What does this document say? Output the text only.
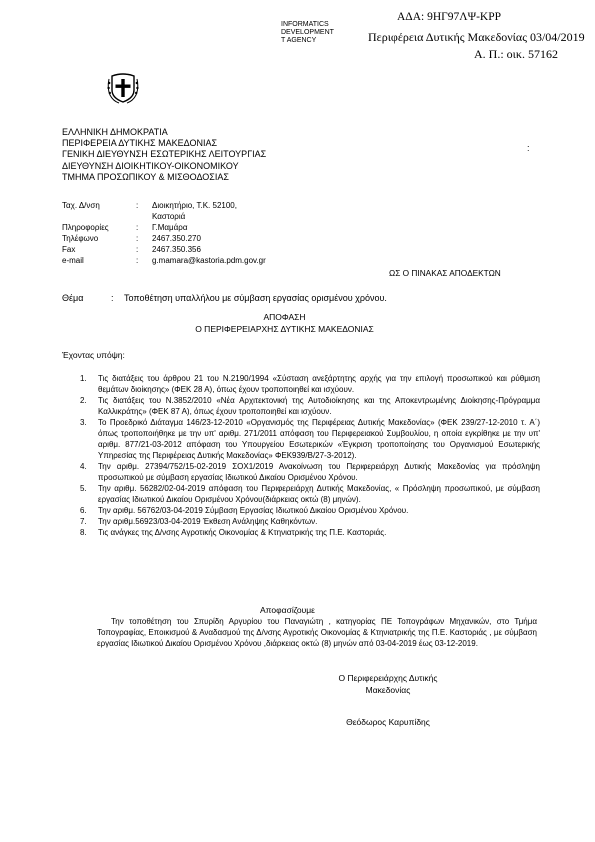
INFORMATICS
DEVELOPMENT
T AGENCY
ΑΔΑ: 9ΗΓ97ΛΨ-ΚΡΡ
Περιφέρεια Δυτικής Μακεδονίας 03/04/2019
Α. Π.: οικ. 57162
ΕΛΛΗΝΙΚΗ ΔΗΜΟΚΡΑΤΙΑ
ΠΕΡΙΦΕΡΕΙΑ ΔΥΤΙΚΗΣ ΜΑΚΕΔΟΝΙΑΣ
ΓΕΝΙΚΗ ΔΙΕΥΘΥΝΣΗ ΕΣΩΤΕΡΙΚΗΣ ΛΕΙΤΟΥΡΓΙΑΣ
ΔΙΕΥΘΥΝΣΗ ΔΙΟΙΚΗΤΙΚΟΥ-ΟΙΚΟΝΟΜΙΚΟΥ
ΤΜΗΜΑ ΠΡΟΣΩΠΙΚΟΥ & ΜΙΣΘΟΔΟΣΙΑΣ
:
Ταχ. Δ/νση	: Διοικητήριο, Τ.Κ. 52100,
Καστοριά
Πληροφορίες	: Γ.Μαμάρα
Τηλέφωνο	: 2467.350.270
Fax	: 2467.350.356
e-mail	: g.mamara@kastoria.pdm.gov.gr
ΩΣ Ο ΠΙΝΑΚΑΣ ΑΠΟΔΕΚΤΩΝ
Θέμα	: Τοποθέτηση υπαλλήλου με σύμβαση εργασίας ορισμένου χρόνου.
ΑΠΟΦΑΣΗ
Ο ΠΕΡΙΦΕΡΕΙΑΡΧΗΣ ΔΥΤΙΚΗΣ ΜΑΚΕΔΟΝΙΑΣ
Έχοντας υπόψη:
1. Τις διατάξεις του άρθρου 21 του Ν.2190/1994 «Σύσταση ανεξάρτητης αρχής για την επιλογή προσωπικού και ρύθμιση θεμάτων διοίκησης» (ΦΕΚ 28 Α), όπως έχουν τροποποιηθεί και ισχύουν.
2. Τις διατάξεις του Ν.3852/2010 «Νέα Αρχιτεκτονική της Αυτοδιοίκησης και της Αποκεντρωμένης Διοίκησης-Πρόγραμμα Καλλικράτης» (ΦΕΚ 87 Α), όπως έχουν τροποποιηθεί και ισχύουν.
3. Το Προεδρικό Διάταγμα 146/23-12-2010 «Οργανισμός της Περιφέρειας Δυτικής Μακεδονίας» (ΦΕΚ 239/27-12-2010 τ. Α΄) όπως τροποποιήθηκε με την υπ' αριθμ. 271/2011 απόφαση του Περιφερειακού Συμβουλίου, η οποία εγκρίθηκε με την υπ' αριθμ. 877/21-03-2012 απόφαση του Υπουργείου Εσωτερικών «Έγκριση τροποποίησης του Οργανισμού Εσωτερικής Υπηρεσίας της Περιφέρειας Δυτικής Μακεδονίας» ΦΕΚ939/Β/27-3-2012).
4. Την αριθμ. 27394/752/15-02-2019 ΣΟΧ1/2019 Ανακοίνωση του Περιφερειάρχη Δυτικής Μακεδονίας για πρόσληψη προσωπικού με σύμβαση εργασίας Ιδιωτικού Δικαίου Ορισμένου Χρόνου.
5. Την αριθμ. 56282/02-04-2019 απόφαση του Περιφερειάρχη Δυτικής Μακεδονίας, « Πρόσληψη προσωπικού, με σύμβαση εργασίας Ιδιωτικού Δικαίου Ορισμένου Χρόνου(διάρκειας οκτώ (8) μηνών).
6. Την αριθμ. 56762/03-04-2019 Σύμβαση Εργασίας Ιδιωτικού Δικαίου Ορισμένου Χρόνου.
7. Την αριθμ.56923/03-04-2019 Έκθεση Ανάληψης Καθηκόντων.
8. Τις ανάγκες της Δ/νσης Αγροτικής Οικονομίας & Κτηνιατρικής της Π.Ε. Καστοριάς.
Αποφασίζουμε
Την τοποθέτηση του Σπυρίδη Αργυρίου του Παναγιώτη , κατηγορίας ΠΕ Τοπογράφων Μηχανικών, στο Τμήμα Τοπογραφίας, Εποικισμού & Αναδασμού της Δ/νσης Αγροτικής Οικονομίας & Κτηνιατρικής της Π.Ε. Καστοριάς , με σύμβαση εργασίας Ιδιωτικού Δικαίου Ορισμένου Χρόνου ,διάρκειας οκτώ (8) μηνών από 03-04-2019 έως 03-12-2019.
Ο Περιφερειάρχης Δυτικής
Μακεδονίας
Θεόδωρος Καρυπίδης
